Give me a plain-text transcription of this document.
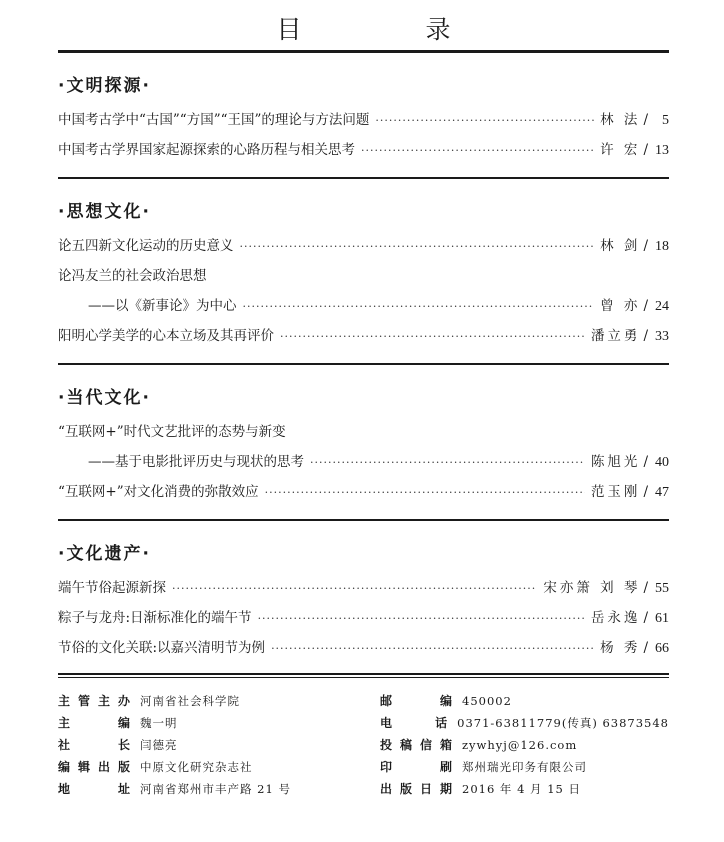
目 录
·文明探源·
中国考古学中“古国”“方国”“王国”的理论与方法问题 ·····	林 法 /	5
中国考古学界国家起源探索的心路历程与相关思考 ·····	许 宏 / 13
·思想文化·
论五四新文化运动的历史意义 ·····	林 剑 / 18
论冯友兰的社会政治思想
——以《新事论》为中心 ·····	曾 亦 / 24
阳明心学美学的心本立场及其再评价 ·····	潘立勇 / 33
·当代文化·
“互联网+”时代文艺批评的态势与新变
——基于电影批评历史与现状的思考 ·····	陈旭光 / 40
“互联网+”对文化消费的弥散效应 ·····	范玉刚 / 47
·文化遗产·
端午节俗起源新探 ·····	宋亦箫 刘 琴 / 55
粽子与龙舟:日渐标准化的端午节 ·····	岳永逸 / 61
节俗的文化关联:以嘉兴清明节为例 ·····	杨 秀 / 66
主管主办 河南省社会科学院
主 编 魏一明
社 长 闫德亮
编辑出版 中原文化研究杂志社
地 址 河南省郑州市丰产路 21 号
邮 编 450002
电 话 0371-63811779(传真) 63873548
投稿信箱 zywhyj@126.com
印 刷 郑州瑞光印务有限公司
出版日期 2016 年 4 月 15 日
